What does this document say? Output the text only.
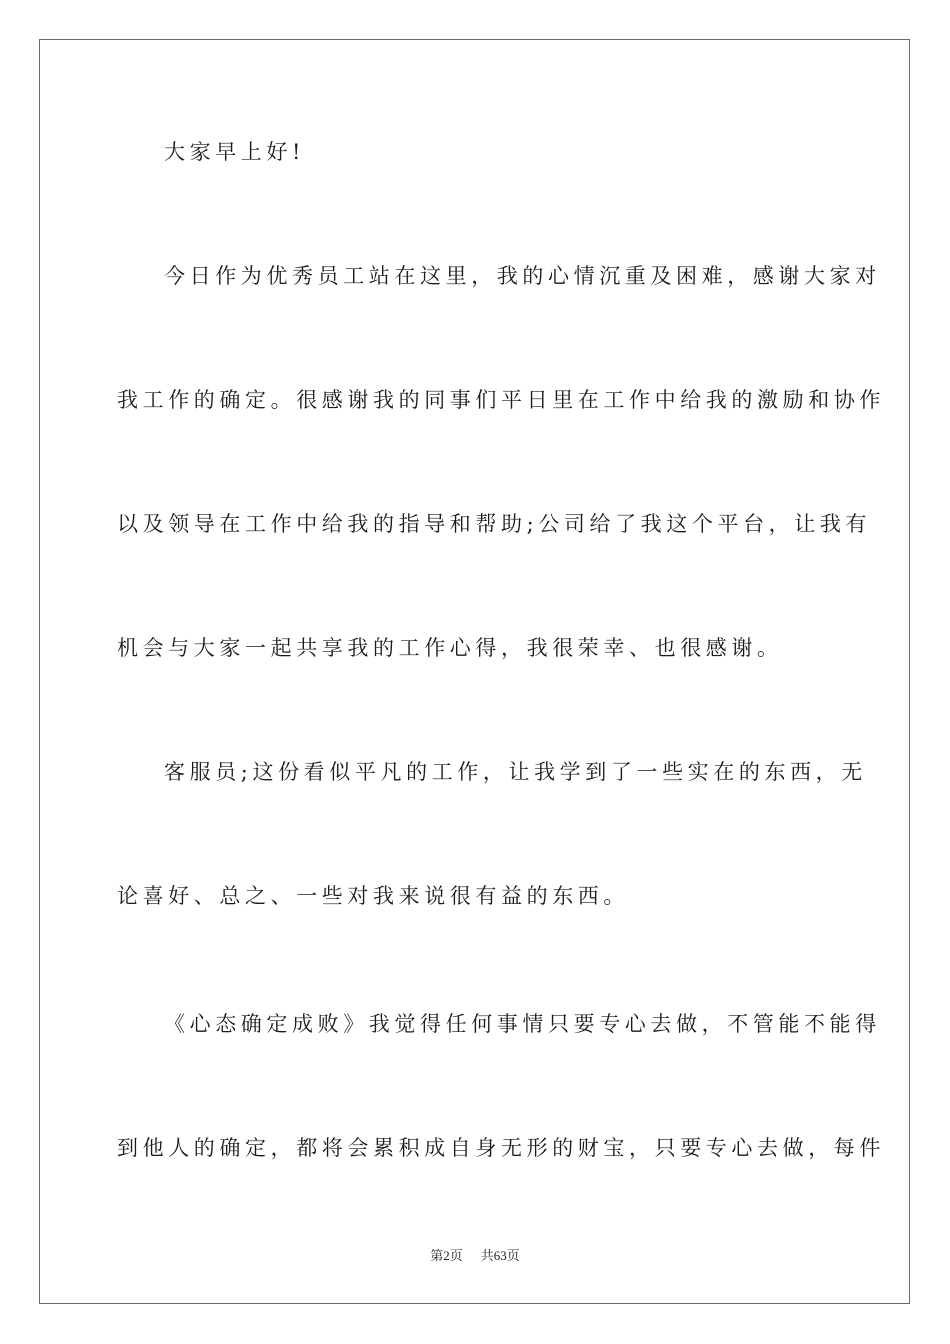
大家早上好!
今日作为优秀员工站在这里，我的心情沉重及困难，感谢大家对
我工作的确定。很感谢我的同事们平日里在工作中给我的激励和协作
以及领导在工作中给我的指导和帮助;公司给了我这个平台，让我有
机会与大家一起共享我的工作心得，我很荣幸、也很感谢。
客服员;这份看似平凡的工作，让我学到了一些实在的东西，无
论喜好、总之、一些对我来说很有益的东西。
《心态确定成败》我觉得任何事情只要专心去做，不管能不能得
到他人的确定，都将会累积成自身无形的财宝，只要专心去做，每件
第2页 共63页
